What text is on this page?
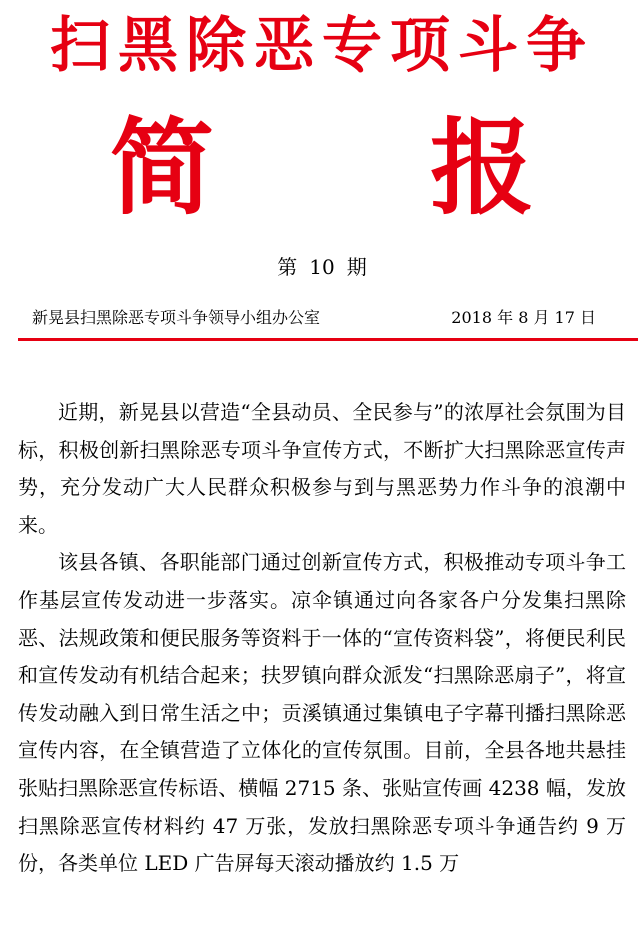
扫黑除恶专项斗争
简 报
第 10 期
新晃县扫黑除恶专项斗争领导小组办公室	2018 年 8 月 17 日

近期，新晃县以营造“全县动员、全民参与”的浓厚社会氛围为目标，积极创新扫黑除恶专项斗争宣传方式，不断扩大扫黑除恶宣传声势，充分发动广大人民群众积极参与到与黑恶势力作斗争的浪潮中来。

该县各镇、各职能部门通过创新宣传方式，积极推动专项斗争工作基层宣传发动进一步落实。凉伞镇通过向各家各户分发集扫黑除恶、法规政策和便民服务等资料于一体的“宣传资料袋”，将便民利民和宣传发动有机结合起来；扶罗镇向群众派发“扫黑除恶扇子”，将宣传发动融入到日常生活之中；贡溪镇通过集镇电子字幕刊播扫黑除恶宣传内容，在全镇营造了立体化的宣传氛围。目前，全县各地共悬挂张贴扫黑除恶宣传标语、横幅 2715 条、张贴宣传画 4238 幅，发放扫黑除恶宣传材料约 47 万张，发放扫黑除恶专项斗争通告约 9 万份，各类单位 LED 广告屏每天滚动播放约 1.5 万
